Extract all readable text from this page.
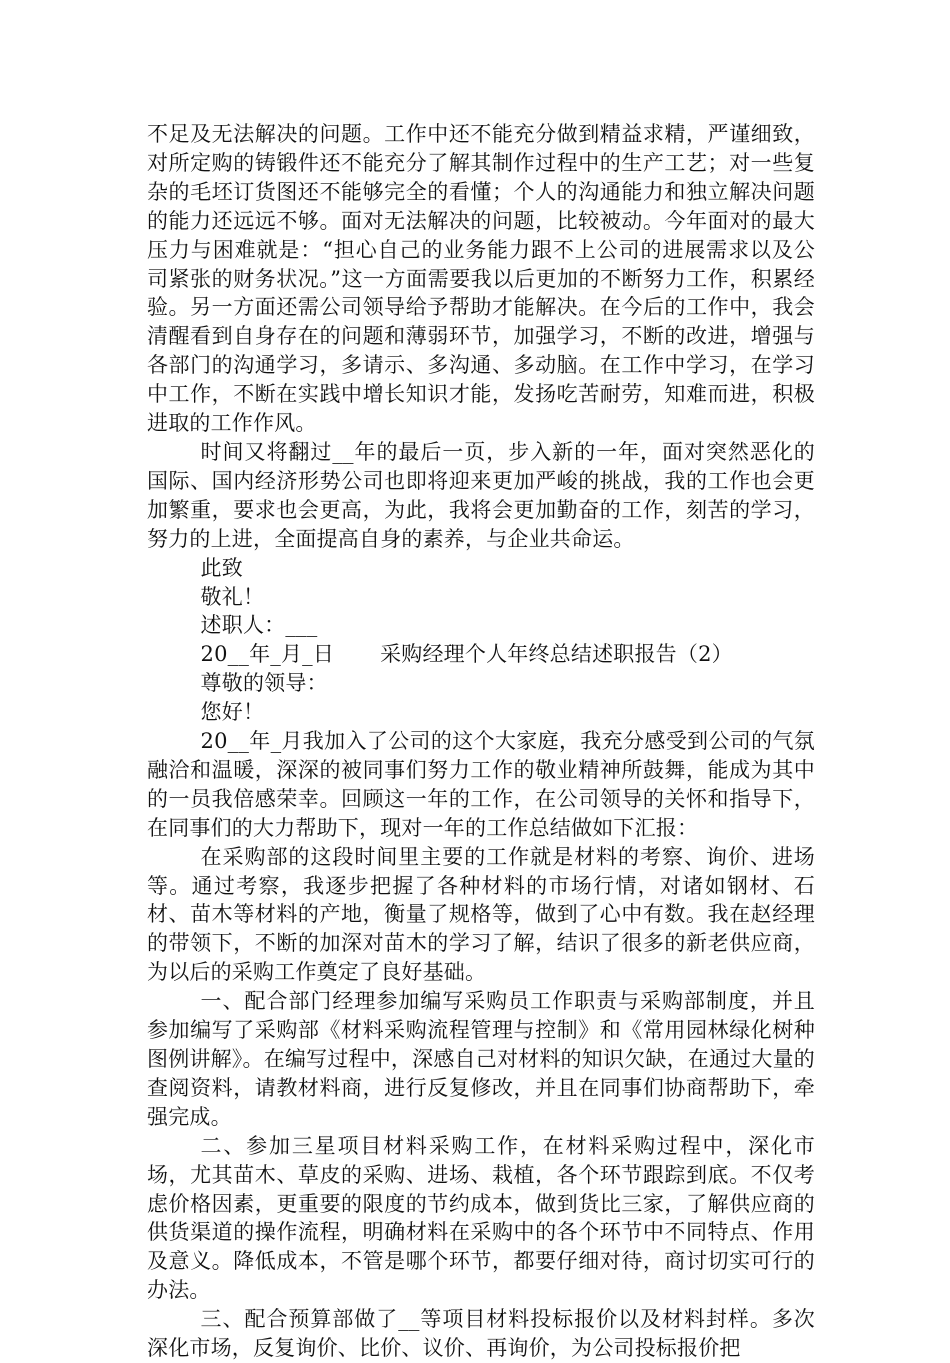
不足及无法解决的问题。工作中还不能充分做到精益求精，严谨细致，对所定购的铸锻件还不能充分了解其制作过程中的生产工艺；对一些复杂的毛坯订货图还不能够完全的看懂；个人的沟通能力和独立解决问题的能力还远远不够。面对无法解决的问题，比较被动。今年面对的最大压力与困难就是：“担心自己的业务能力跟不上公司的进展需求以及公司紧张的财务状况。”这一方面需要我以后更加的不断努力工作，积累经验。另一方面还需公司领导给予帮助才能解决。在今后的工作中，我会清醒看到自身存在的问题和薄弱环节，加强学习，不断的改进，增强与各部门的沟通学习，多请示、多沟通、多动脑。在工作中学习，在学习中工作，不断在实践中增长知识才能，发扬吃苦耐劳，知难而进，积极进取的工作作风。

时间又将翻过__年的最后一页，步入新的一年，面对突然恶化的国际、国内经济形势公司也即将迎来更加严峻的挑战，我的工作也会更加繁重，要求也会更高，为此，我将会更加勤奋的工作，刻苦的学习，努力的上进，全面提高自身的素养，与企业共命运。

此致

敬礼！

述职人：___

20__年_月_日 采购经理个人年终总结述职报告（2）

尊敬的领导：

您好！

20__年_月我加入了公司的这个大家庭，我充分感受到公司的气氛融洽和温暖，深深的被同事们努力工作的敬业精神所鼓舞，能成为其中的一员我倍感荣幸。回顾这一年的工作，在公司领导的关怀和指导下，在同事们的大力帮助下，现对一年的工作总结做如下汇报：

在采购部的这段时间里主要的工作就是材料的考察、询价、进场等。通过考察，我逐步把握了各种材料的市场行情，对诸如钢材、石材、苗木等材料的产地，衡量了规格等，做到了心中有数。我在赵经理的带领下，不断的加深对苗木的学习了解，结识了很多的新老供应商，为以后的采购工作奠定了良好基础。

一、配合部门经理参加编写采购员工作职责与采购部制度，并且参加编写了采购部《材料采购流程管理与控制》和《常用园林绿化树种图例讲解》。在编写过程中，深感自己对材料的知识欠缺，在通过大量的查阅资料，请教材料商，进行反复修改，并且在同事们协商帮助下，牵强完成。

二、参加三星项目材料采购工作，在材料采购过程中，深化市场，尤其苗木、草皮的采购、进场、栽植，各个环节跟踪到底。不仅考虑价格因素，更重要的限度的节约成本，做到货比三家，了解供应商的供货渠道的操作流程，明确材料在采购中的各个环节中不同特点、作用及意义。降低成本，不管是哪个环节，都要仔细对待，商讨切实可行的办法。

三、配合预算部做了__等项目材料投标报价以及材料封样。多次深化市场，反复询价、比价、议价、再询价，为公司投标报价把
